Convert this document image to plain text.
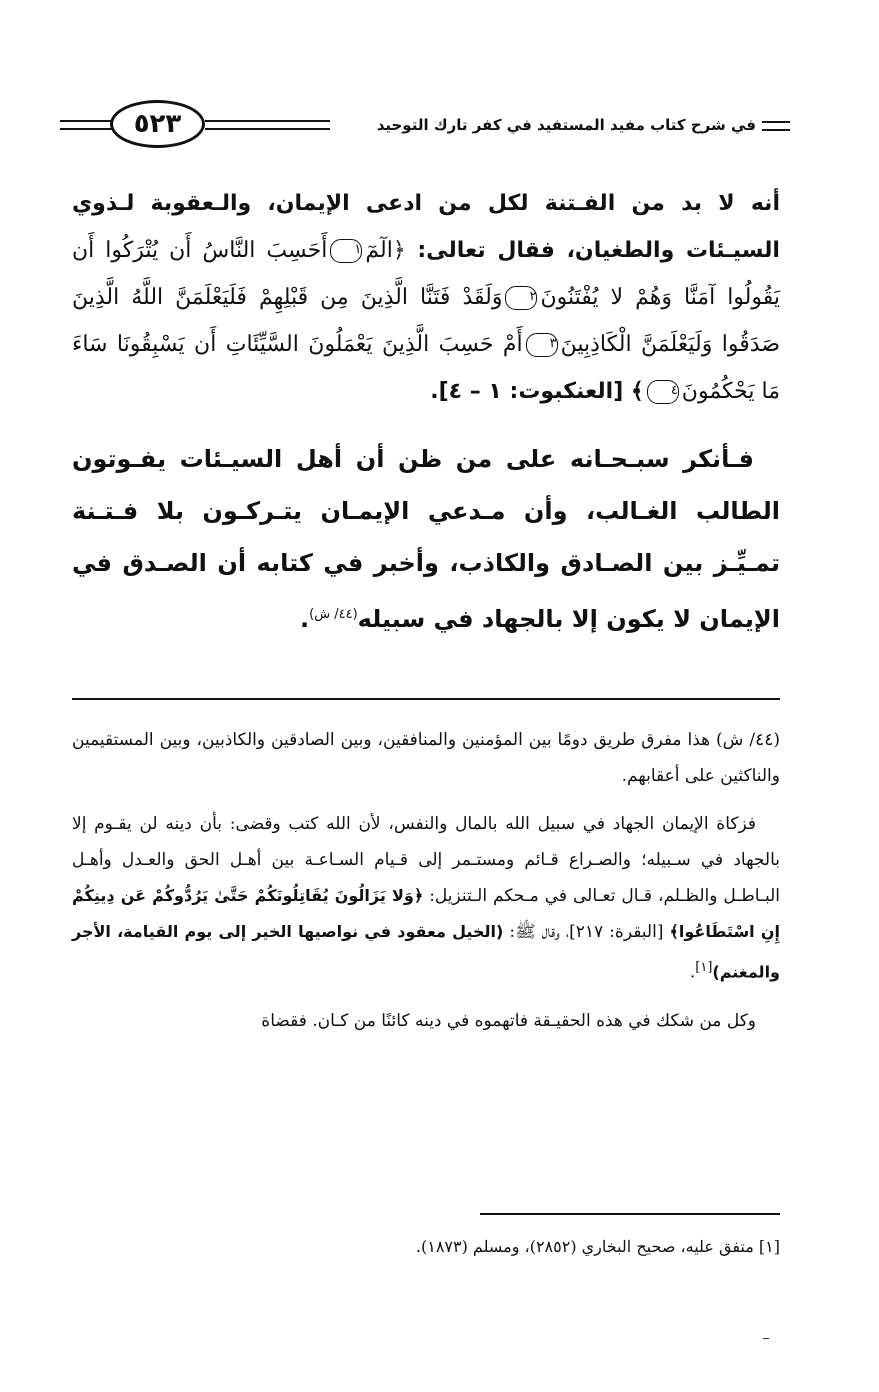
في شرح كتاب مفيد المستفيد في كفر تارك التوحيد
٥٢٣

أنه لا بد من الفـتنة لكل من ادعى الإيمان، والـعقوبة لـذوي السيـئات والطغيان، فقال تعالى: ﴿الٓمٓ١أَحَسِبَ النَّاسُ أَن يُتْرَكُوا أَن يَقُولُوا آمَنَّا وَهُمْ لا يُفْتَنُونَ٢وَلَقَدْ فَتَنَّا الَّذِينَ مِن قَبْلِهِمْ فَلَيَعْلَمَنَّ اللَّهُ الَّذِينَ صَدَقُوا وَلَيَعْلَمَنَّ الْكَاذِبِينَ٣أَمْ حَسِبَ الَّذِينَ يَعْمَلُونَ السَّيِّئَاتِ أَن يَسْبِقُونَا سَاءَ مَا يَحْكُمُونَ٤﴾ [العنكبوت: ١ – ٤].

فـأنكر سبـحـانه على من ظن أن أهل السيـئات يفـوتون الطالب الغـالب، وأن مـدعي الإيمـان يتـركـون بلا فـتـنة تمـيِّـز بين الصـادق والكاذب، وأخبر في كتابه أن الصـدق في الإيمان لا يكون إلا بالجهاد في سبيله$^{(٤٤/ ش)}$.

(٤٤/ ش) هذا مفرق طريق دومًا بين المؤمنين والمنافقين، وبين الصادقين والكاذبين، وبين المستقيمين والناكثين على أعقابهم.

فزكاة الإيمان الجهاد في سبيل الله بالمال والنفس، لأن الله كتب وقضى: بأن دينه لن يقـوم إلا بالجهاد في سـبيله؛ والصـراع قـائم ومستـمر إلى قـيام السـاعـة بين أهـل الحق والعـدل وأهـل البـاطـل والظـلم، قـال تعـالى في مـحكم الـتنزيل: ﴿وَلا يَزَالُونَ يُقَاتِلُونَكُمْ حَتَّىٰ يَرُدُّوكُمْ عَن دِينِكُمْ إِنِ اسْتَطَاعُوا﴾ [البقرة: ٢١٧]، وقال ﷺ: (الخيل معقود في نواصيها الخير إلى يوم القيامة، الأجر والمغنم)[١].

وكل من شكك في هذه الحقيـقة فاتهموه في دينه كائنًا من كـان. فقضاة

[١] متفق عليه، صحيح البخاري (٢٨٥٢)، ومسلم (١٨٧٣).
